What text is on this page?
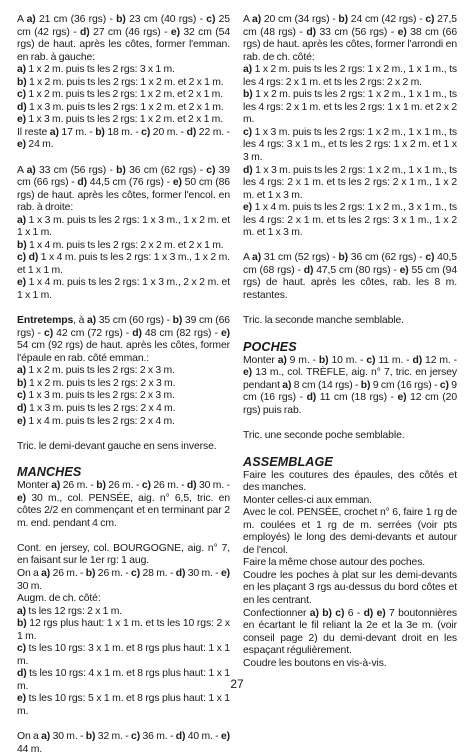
A a) 21 cm (36 rgs) - b) 23 cm (40 rgs) - c) 25 cm (42 rgs) - d) 27 cm (46 rgs) - e) 32 cm (54 rgs) de haut. après les côtes, former l'emman. en rab. à gauche:

a) 1 x 2 m. puis ts les 2 rgs: 3 x 1 m.

b) 1 x 2 m. puis ts les 2 rgs: 1 x 2 m. et 2 x 1 m.

c) 1 x 2 m. puis ts les 2 rgs: 1 x 2 m. et 2 x 1 m.

d) 1 x 3 m. puis ts les 2 rgs: 1 x 2 m. et 2 x 1 m.

e) 1 x 3 m. puis ts les 2 rgs: 1 x 2 m. et 2 x 1 m.

Il reste a) 17 m. - b) 18 m. - c) 20 m. - d) 22 m. - e) 24 m.

A a) 33 cm (56 rgs) - b) 36 cm (62 rgs) - c) 39 cm (66 rgs) - d) 44,5 cm (76 rgs) - e) 50 cm (86 rgs) de haut. après les côtes, former l'encol. en rab. à droite:

a) 1 x 3 m. puis ts les 2 rgs: 1 x 3 m., 1 x 2 m. et 1 x 1 m.

b) 1 x 4 m. puis ts les 2 rgs: 2 x 2 m. et 2 x 1 m.

c) d) 1 x 4 m. puis ts les 2 rgs: 1 x 3 m., 1 x 2 m. et 1 x 1 m.

e) 1 x 4 m. puis ts les 2 rgs: 1 x 3 m., 2 x 2 m. et 1 x 1 m.

Entretemps, à a) 35 cm (60 rgs) - b) 39 cm (66 rgs) - c) 42 cm (72 rgs) - d) 48 cm (82 rgs) - e) 54 cm (92 rgs) de haut. après les côtes, former l'épaule en rab. côté emman.:

a) 1 x 2 m. puis ts les 2 rgs: 2 x 3 m.

b) 1 x 2 m. puis ts les 2 rgs: 2 x 3 m.

c) 1 x 3 m. puis ts les 2 rgs: 2 x 3 m.

d) 1 x 3 m. puis ts les 2 rgs: 2 x 4 m.

e) 1 x 4 m. puis ts les 2 rgs: 2 x 4 m.

Tric. le demi-devant gauche en sens inverse.

MANCHES

Monter a) 26 m. - b) 26 m. - c) 26 m. - d) 30 m. - e) 30 m., col. PENSÉE, aig. n° 6,5, tric. en côtes 2/2 en commençant et en terminant par 2 m. end. pendant 4 cm.

Cont. en jersey, col. BOURGOGNE, aig. n° 7, en faisant sur le 1er rg: 1 aug.

On a a) 26 m. - b) 26 m. - c) 28 m. - d) 30 m. - e) 30 m.

Augm. de ch. côté:

a) ts les 12 rgs: 2 x 1 m.

b) 12 rgs plus haut: 1 x 1 m. et ts les 10 rgs: 2 x 1 m.

c) ts les 10 rgs: 3 x 1 m. et 8 rgs plus haut: 1 x 1 m.

d) ts les 10 rgs: 4 x 1 m. et 8 rgs plus haut: 1 x 1 m.

e) ts les 10 rgs: 5 x 1 m. et 8 rgs plus haut: 1 x 1 m.

On a a) 30 m. - b) 32 m. - c) 36 m. - d) 40 m. - e) 44 m.

A a) 20 cm (34 rgs) - b) 24 cm (42 rgs) - c) 27,5 cm (48 rgs) - d) 33 cm (56 rgs) - e) 38 cm (66 rgs) de haut. après les côtes, former l'arrondi en rab. de ch. côté:

a) 1 x 2 m. puis ts les 2 rgs: 1 x 2 m., 1 x 1 m., ts les 4 rgs: 2 x 1 m. et ts les 2 rgs: 2 x 2 m.

b) 1 x 2 m. puis ts les 2 rgs: 1 x 2 m., 1 x 1 m., ts les 4 rgs: 2 x 1 m. et ts les 2 rgs: 1 x 1 m. et 2 x 2 m.

c) 1 x 3 m. puis ts les 2 rgs: 1 x 2 m., 1 x 1 m., ts les 4 rgs: 3 x 1 m., et ts les 2 rgs: 1 x 2 m. et 1 x 3 m.

d) 1 x 3 m. puis ts les 2 rgs: 1 x 2 m., 1 x 1 m., ts les 4 rgs: 2 x 1 m. et ts les 2 rgs: 2 x 1 m., 1 x 2 m. et 1 x 3 m.

e) 1 x 4 m. puis ts les 2 rgs: 1 x 2 m., 3 x 1 m., ts les 4 rgs: 2 x 1 m. et ts les 2 rgs: 3 x 1 m., 1 x 2 m. et 1 x 3 m.

A a) 31 cm (52 rgs) - b) 36 cm (62 rgs) - c) 40,5 cm (68 rgs) - d) 47,5 cm (80 rgs) - e) 55 cm (94 rgs) de haut. après les côtes, rab. les 8 m. restantes.

Tric. la seconde manche semblable.

POCHES

Monter a) 9 m. - b) 10 m. - c) 11 m. - d) 12 m. - e) 13 m., col. TRÈFLE, aig. n° 7, tric. en jersey pendant a) 8 cm (14 rgs) - b) 9 cm (16 rgs) - c) 9 cm (16 rgs) - d) 11 cm (18 rgs) - e) 12 cm (20 rgs) puis rab.

Tric. une seconde poche semblable.

ASSEMBLAGE

Faire les coutures des épaules, des côtés et des manches.

Monter celles-ci aux emman.

Avec le col. PENSÉE, crochet n° 6, faire 1 rg de m. coulées et 1 rg de m. serrées (voir pts employés) le long des demi-devants et autour de l'encol.

Faire la même chose autour des poches.

Coudre les poches à plat sur les demi-devants en les plaçant 3 rgs au-dessus du bord côtes et en les centrant.

Confectionner a) b) c) 6 - d) e) 7 boutonnières en écartant le fil reliant la 2e et la 3e m. (voir conseil page 2) du demi-devant droit en les espaçant régulièrement.

Coudre les boutons en vis-à-vis.

27
